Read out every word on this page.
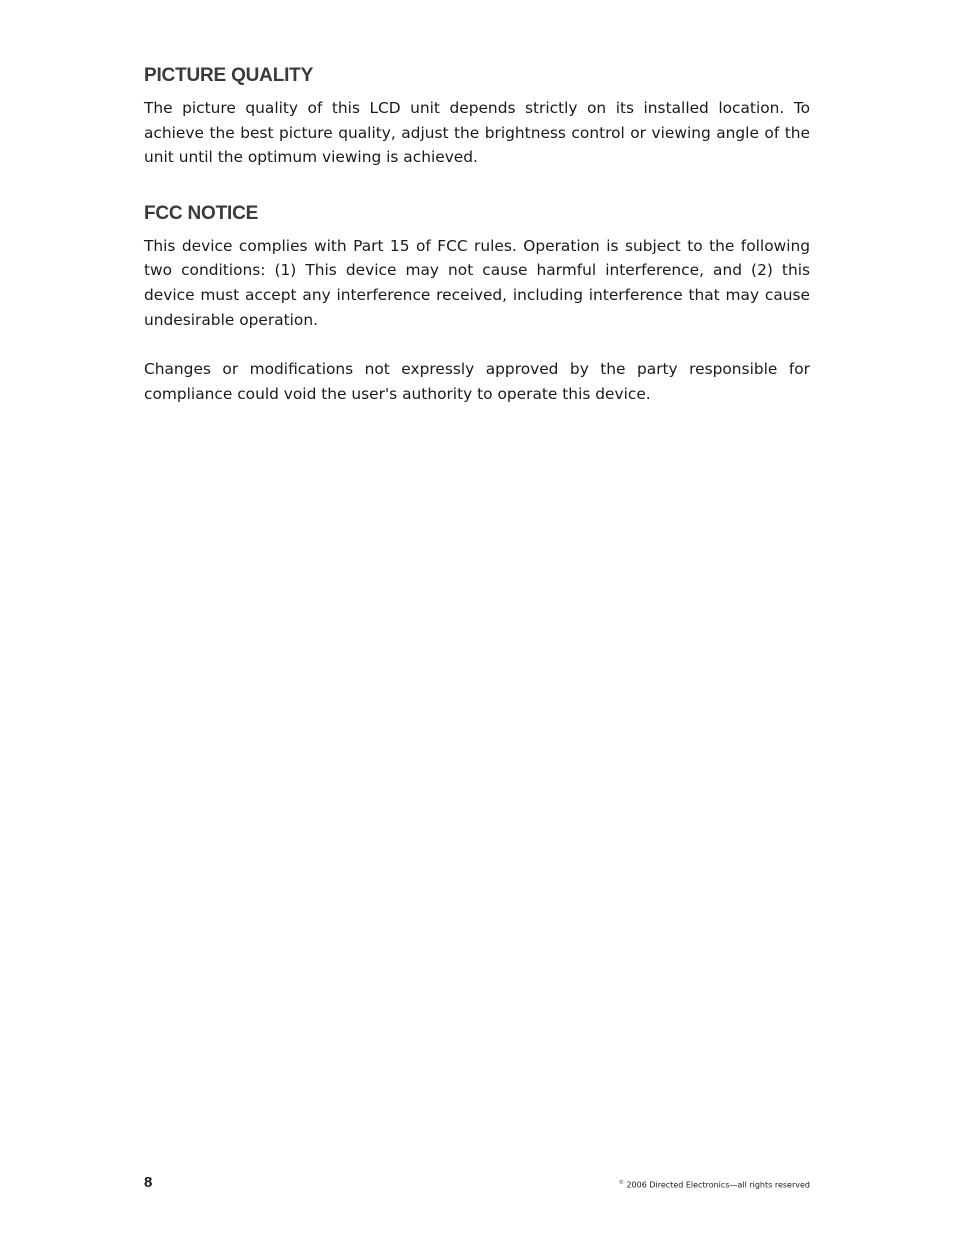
PICTURE QUALITY

The picture quality of this LCD unit depends strictly on its installed location. To achieve the best picture quality, adjust the brightness control or viewing angle of the unit until the optimum viewing is achieved.

FCC NOTICE

This device complies with Part 15 of FCC rules. Operation is subject to the following two conditions: (1) This device may not cause harmful interference, and (2) this device must accept any interference received, including interference that may cause undesirable operation.

Changes or modifications not expressly approved by the party responsible for compliance could void the user's authority to operate this device.

8	© 2006 Directed Electronics—all rights reserved
